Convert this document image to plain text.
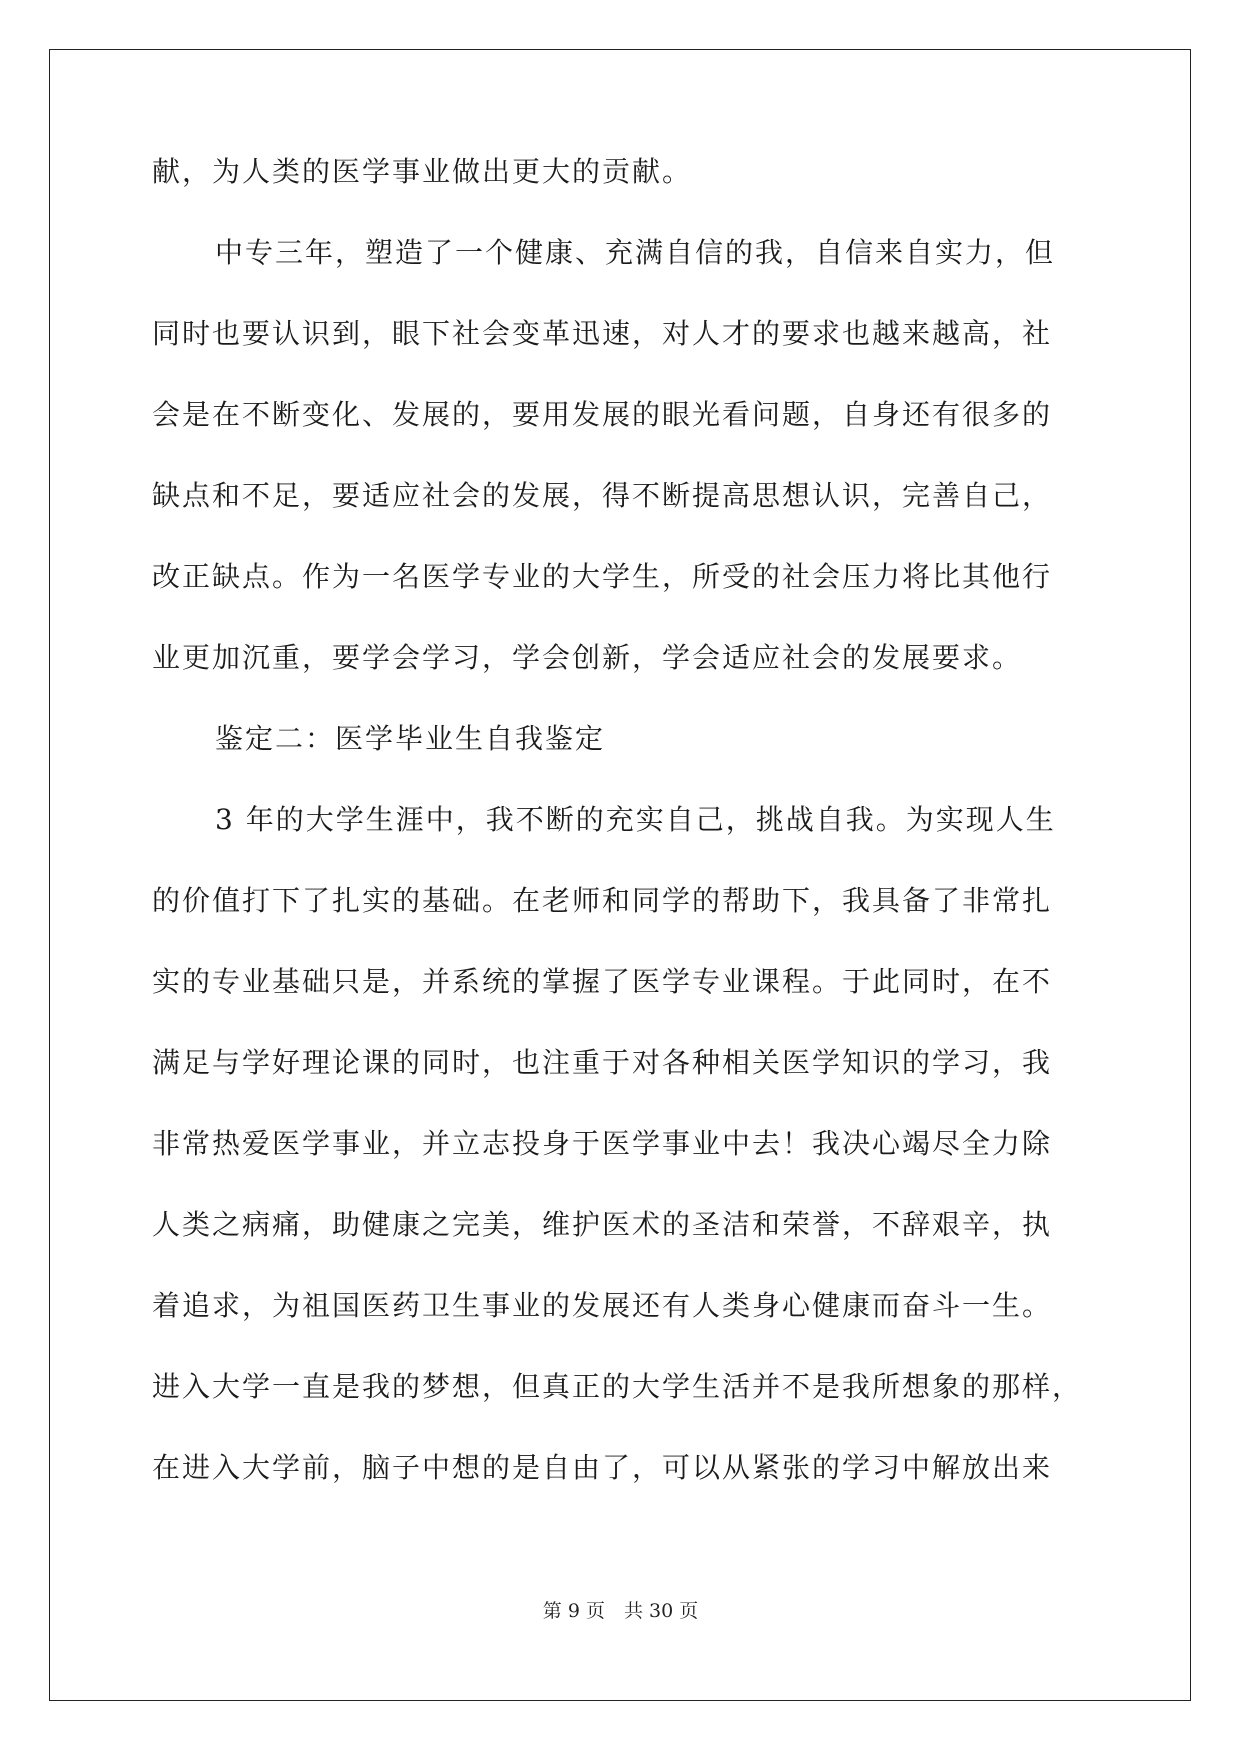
献，为人类的医学事业做出更大的贡献。
中专三年，塑造了一个健康、充满自信的我，自信来自实力，但
同时也要认识到，眼下社会变革迅速，对人才的要求也越来越高，社
会是在不断变化、发展的，要用发展的眼光看问题，自身还有很多的
缺点和不足，要适应社会的发展，得不断提高思想认识，完善自己，
改正缺点。作为一名医学专业的大学生，所受的社会压力将比其他行
业更加沉重，要学会学习，学会创新，学会适应社会的发展要求。
鉴定二：医学毕业生自我鉴定
3 年的大学生涯中，我不断的充实自己，挑战自我。为实现人生
的价值打下了扎实的基础。在老师和同学的帮助下，我具备了非常扎
实的专业基础只是，并系统的掌握了医学专业课程。于此同时，在不
满足与学好理论课的同时，也注重于对各种相关医学知识的学习，我
非常热爱医学事业，并立志投身于医学事业中去！我决心竭尽全力除
人类之病痛，助健康之完美，维护医术的圣洁和荣誉，不辞艰辛，执
着追求，为祖国医药卫生事业的发展还有人类身心健康而奋斗一生。
进入大学一直是我的梦想，但真正的大学生活并不是我所想象的那样，
在进入大学前，脑子中想的是自由了，可以从紧张的学习中解放出来
第 9 页　共 30 页
